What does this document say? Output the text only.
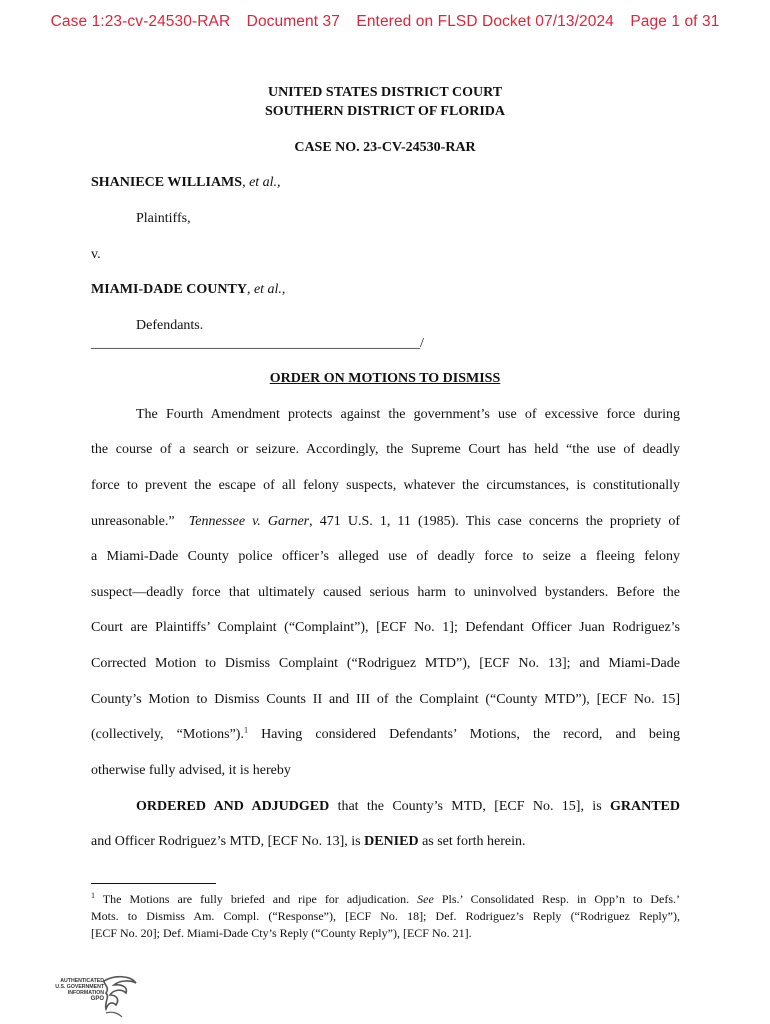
Case 1:23-cv-24530-RAR Document 37 Entered on FLSD Docket 07/13/2024 Page 1 of 31
UNITED STATES DISTRICT COURT
SOUTHERN DISTRICT OF FLORIDA
CASE NO. 23-CV-24530-RAR
SHANIECE WILLIAMS, et al.,
Plaintiffs,
v.
MIAMI-DADE COUNTY, et al.,
Defendants.
_______________________________________________/
ORDER ON MOTIONS TO DISMISS
The Fourth Amendment protects against the government’s use of excessive force during
the course of a search or seizure. Accordingly, the Supreme Court has held “the use of deadly
force to prevent the escape of all felony suspects, whatever the circumstances, is constitutionally
unreasonable.” Tennessee v. Garner, 471 U.S. 1, 11 (1985). This case concerns the propriety of
a Miami-Dade County police officer’s alleged use of deadly force to seize a fleeing felony
suspect—deadly force that ultimately caused serious harm to uninvolved bystanders. Before the
Court are Plaintiffs’ Complaint (“Complaint”), [ECF No. 1]; Defendant Officer Juan Rodriguez’s
Corrected Motion to Dismiss Complaint (“Rodriguez MTD”), [ECF No. 13]; and Miami-Dade
County’s Motion to Dismiss Counts II and III of the Complaint (“County MTD”), [ECF No. 15]
(collectively, “Motions”).$^1$ Having considered Defendants’ Motions, the record, and being
otherwise fully advised, it is hereby
ORDERED AND ADJUDGED that the County’s MTD, [ECF No. 15], is GRANTED
and Officer Rodriguez’s MTD, [ECF No. 13], is DENIED as set forth herein.
$^1$ The Motions are fully briefed and ripe for adjudication. See Pls.’ Consolidated Resp. in Opp’n to Defs.’
Mots. to Dismiss Am. Compl. (“Response”), [ECF No. 18]; Def. Rodriguez’s Reply (“Rodriguez Reply”),
[ECF No. 20]; Def. Miami-Dade Cty’s Reply (“County Reply”), [ECF No. 21].
AUTHENTICATED
U.S. GOVERNMENT
INFORMATION
GPO
